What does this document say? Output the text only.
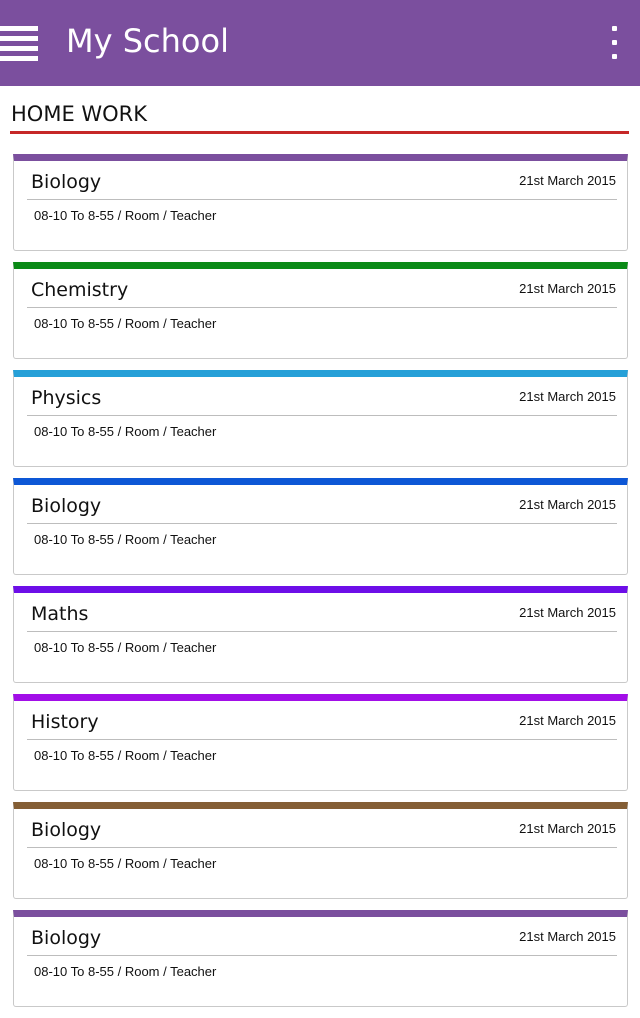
My School
HOME WORK
Biology	21st March 2015
08-10 To 8-55 / Room / Teacher
Chemistry	21st March 2015
08-10 To 8-55 / Room / Teacher
Physics	21st March 2015
08-10 To 8-55 / Room / Teacher
Biology	21st March 2015
08-10 To 8-55 / Room / Teacher
Maths	21st March 2015
08-10 To 8-55 / Room / Teacher
History	21st March 2015
08-10 To 8-55 / Room / Teacher
Biology	21st March 2015
08-10 To 8-55 / Room / Teacher
Biology	21st March 2015
08-10 To 8-55 / Room / Teacher
